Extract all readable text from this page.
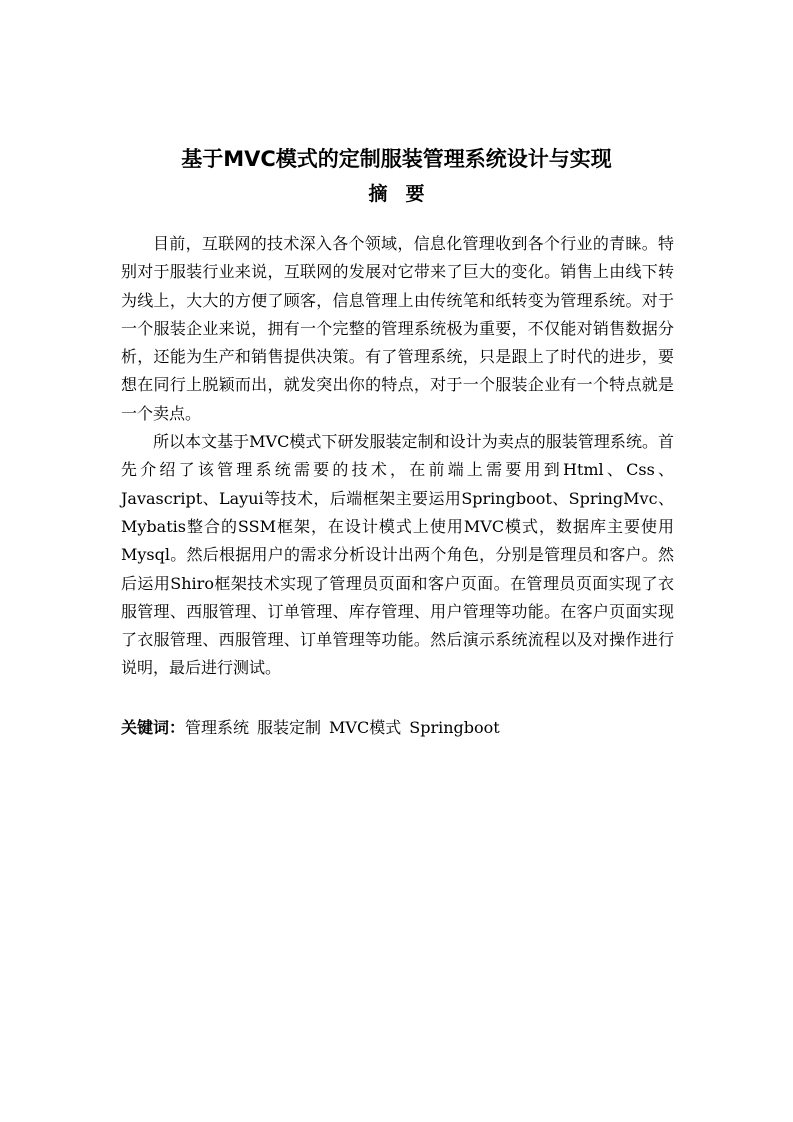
基于MVC模式的定制服装管理系统设计与实现
摘要

目前，互联网的技术深入各个领域，信息化管理收到各个行业的青睐。特别对于服装行业来说，互联网的发展对它带来了巨大的变化。销售上由线下转为线上，大大的方便了顾客，信息管理上由传统笔和纸转变为管理系统。对于一个服装企业来说，拥有一个完整的管理系统极为重要，不仅能对销售数据分析，还能为生产和销售提供决策。有了管理系统，只是跟上了时代的进步，要想在同行上脱颖而出，就发突出你的特点，对于一个服装企业有一个特点就是一个卖点。

所以本文基于MVC模式下研发服装定制和设计为卖点的服装管理系统。首先介绍了该管理系统需要的技术，在前端上需要用到Html、Css、Javascript、Layui等技术，后端框架主要运用Springboot、SpringMvc、Mybatis整合的SSM框架，在设计模式上使用MVC模式，数据库主要使用Mysql。然后根据用户的需求分析设计出两个角色，分别是管理员和客户。然后运用Shiro框架技术实现了管理员页面和客户页面。在管理员页面实现了衣服管理、西服管理、订单管理、库存管理、用户管理等功能。在客户页面实现了衣服管理、西服管理、订单管理等功能。然后演示系统流程以及对操作进行说明，最后进行测试。

关键词：管理系统 服装定制 MVC模式 Springboot
